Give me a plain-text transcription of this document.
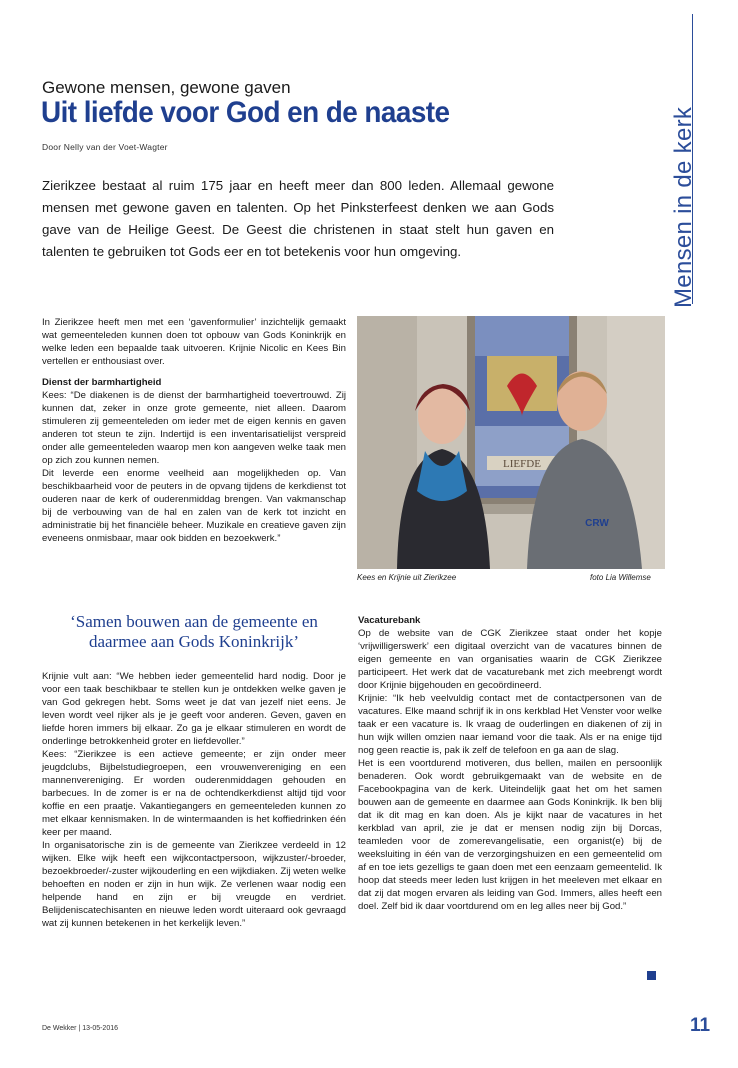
Gewone mensen, gewone gaven
Uit liefde voor God en de naaste
Door Nelly van der Voet-Wagter
Zierikzee bestaat al ruim 175 jaar en heeft meer dan 800 leden. Allemaal gewone mensen met gewone gaven en talenten. Op het Pinksterfeest denken we aan Gods gave van de Heilige Geest. De Geest die christenen in staat stelt hun gaven en talenten te gebruiken tot Gods eer en tot betekenis voor hun omgeving.	Mensen in de kerk

In Zierikzee heeft men met een ‘gavenformulier’ inzichtelijk gemaakt wat gemeenteleden kunnen doen tot opbouw van Gods Koninkrijk en welke leden een bepaalde taak uitvoeren. Krijnie Nicolic en Kees Bin vertellen er enthousiast over.

Dienst der barmhartigheid

Kees: “De diakenen is de dienst der barmhartigheid toevertrouwd. Zij kunnen dat, zeker in onze grote gemeente, niet alleen. Daarom stimuleren zij gemeenteleden om ieder met de eigen kennis en gaven anderen tot steun te zijn. Indertijd is een inventarisatielijst verspreid onder alle gemeenteleden waarop men kon aangeven welke taak men op zich zou kunnen nemen.

Dit leverde een enorme veelheid aan mogelijkheden op. Van beschikbaarheid voor de peuters in de opvang tijdens de kerkdienst tot ouderen naar de kerk of ouderenmiddag brengen. Van vakmanschap bij de verbouwing van de hal en zalen van de kerk tot inzicht en administratie bij het financiële beheer. Muzikale en creatieve gaven zijn eveneens onmisbaar, maar ook bidden en bezoekwerk.”

‘Samen bouwen aan de gemeente en daarmee aan Gods Koninkrijk’

Krijnie vult aan: “We hebben ieder gemeentelid hard nodig. Door je voor een taak beschikbaar te stellen kun je ontdekken welke gaven je van God gekregen hebt. Soms weet je dat van jezelf niet eens. Je leven wordt veel rijker als je je geeft voor anderen. Geven, gaven en liefde horen immers bij elkaar. Zo ga je elkaar stimuleren en wordt de onderlinge betrokkenheid groter en liefdevoller.”

Kees: “Zierikzee is een actieve gemeente; er zijn onder meer jeugdclubs, Bijbelstudiegroepen, een vrouwenvereniging en een mannenvereniging. Er worden ouderenmiddagen gehouden en barbecues. In de zomer is er na de ochtendkerkdienst altijd tijd voor koffie en een praatje. Vakantiegangers en gemeenteleden kunnen zo met elkaar kennismaken. In de wintermaanden is het koffiedrinken één keer per maand.

In organisatorische zin is de gemeente van Zierikzee verdeeld in 12 wijken. Elke wijk heeft een wijkcontactpersoon, wijkzuster/-broeder, bezoekbroeder/-zuster wijkouderling en een wijkdiaken. Zij weten welke behoeften en noden er zijn in hun wijk. Ze verlenen waar nodig een helpende hand en zijn er bij vreugde en verdriet. Belijdeniscatechisanten en nieuwe leden wordt uiteraard ook gevraagd wat zij kunnen betekenen in het kerkelijk leven.”

LIEFDE
CRW
Kees en Krijnie uit Zierikzee	foto Lia Willemse

Vacaturebank

Op de website van de CGK Zierikzee staat onder het kopje ‘vrijwilligerswerk’ een digitaal overzicht van de vacatures binnen de eigen gemeente en van organisaties waarin de CGK Zierikzee participeert. Het werk dat de vacaturebank met zich meebrengt wordt door Krijnie bijgehouden en gecoördineerd.

Krijnie: “Ik heb veelvuldig contact met de contactpersonen van de vacatures. Elke maand schrijf ik in ons kerkblad Het Venster voor welke taak er een vacature is. Ik vraag de ouderlingen en diakenen of zij in hun wijk willen omzien naar iemand voor die taak. Als er na enige tijd nog geen reactie is, pak ik zelf de telefoon en ga aan de slag.

Het is een voortdurend motiveren, dus bellen, mailen en persoonlijk benaderen. Ook wordt gebruikgemaakt van de website en de Facebookpagina van de kerk. Uiteindelijk gaat het om het samen bouwen aan de gemeente en daarmee aan Gods Koninkrijk. Ik ben blij dat ik dit mag en kan doen. Als je kijkt naar de vacatures in het kerkblad van april, zie je dat er mensen nodig zijn bij Dorcas, teamleden voor de zomerevangelisatie, een organist(e) bij de weeksluiting in één van de verzorgingshuizen en een gemeentelid om af en toe iets gezelligs te gaan doen met een eenzaam gemeentelid. Ik hoop dat steeds meer leden lust krijgen in het meeleven met elkaar en dat zij dat mogen ervaren als leiding van God. Immers, alles heeft een doel. Zelf bid ik daar voortdurend om en leg alles neer bij God.”

De Wekker | 13-05-2016	11
